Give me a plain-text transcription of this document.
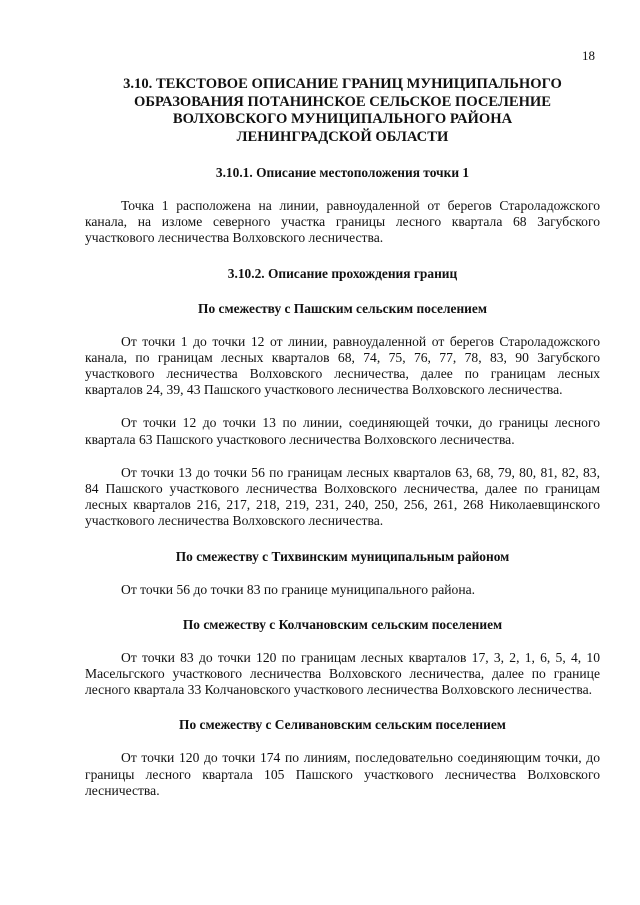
18

3.10. ТЕКСТОВОЕ ОПИСАНИЕ ГРАНИЦ МУНИЦИПАЛЬНОГО

ОБРАЗОВАНИЯ ПОТАНИНСКОЕ СЕЛЬСКОЕ ПОСЕЛЕНИЕ

ВОЛХОВСКОГО МУНИЦИПАЛЬНОГО РАЙОНА

ЛЕНИНГРАДСКОЙ ОБЛАСТИ

3.10.1. Описание местоположения точки 1

Точка 1 расположена на линии, равноудаленной от берегов Староладожского канала, на изломе северного участка границы лесного квартала 68 Загубского участкового лесничества Волховского лесничества.

3.10.2. Описание прохождения границ

По смежеству с Пашским сельским поселением

От точки 1 до точки 12 от линии, равноудаленной от берегов Староладожского канала, по границам лесных кварталов 68, 74, 75, 76, 77, 78, 83, 90 Загубского участкового лесничества Волховского лесничества, далее по границам лесных кварталов 24, 39, 43 Пашского участкового лесничества Волховского лесничества.

От точки 12 до точки 13 по линии, соединяющей точки, до границы лесного квартала 63 Пашского участкового лесничества Волховского лесничества.

От точки 13 до точки 56 по границам лесных кварталов 63, 68, 79, 80, 81, 82, 83, 84 Пашского участкового лесничества Волховского лесничества, далее по границам лесных кварталов 216, 217, 218, 219, 231, 240, 250, 256, 261, 268 Николаевщинского участкового лесничества Волховского лесничества.

По смежеству с Тихвинским муниципальным районом

От точки 56 до точки 83 по границе муниципального района.

По смежеству с Колчановским сельским поселением

От точки 83 до точки 120 по границам лесных кварталов 17, 3, 2, 1, 6, 5, 4, 10 Масельгского участкового лесничества Волховского лесничества, далее по границе лесного квартала 33 Колчановского участкового лесничества Волховского лесничества.

По смежеству с Селивановским сельским поселением

От точки 120 до точки 174 по линиям, последовательно соединяющим точки, до границы лесного квартала 105 Пашского участкового лесничества Волховского лесничества.
